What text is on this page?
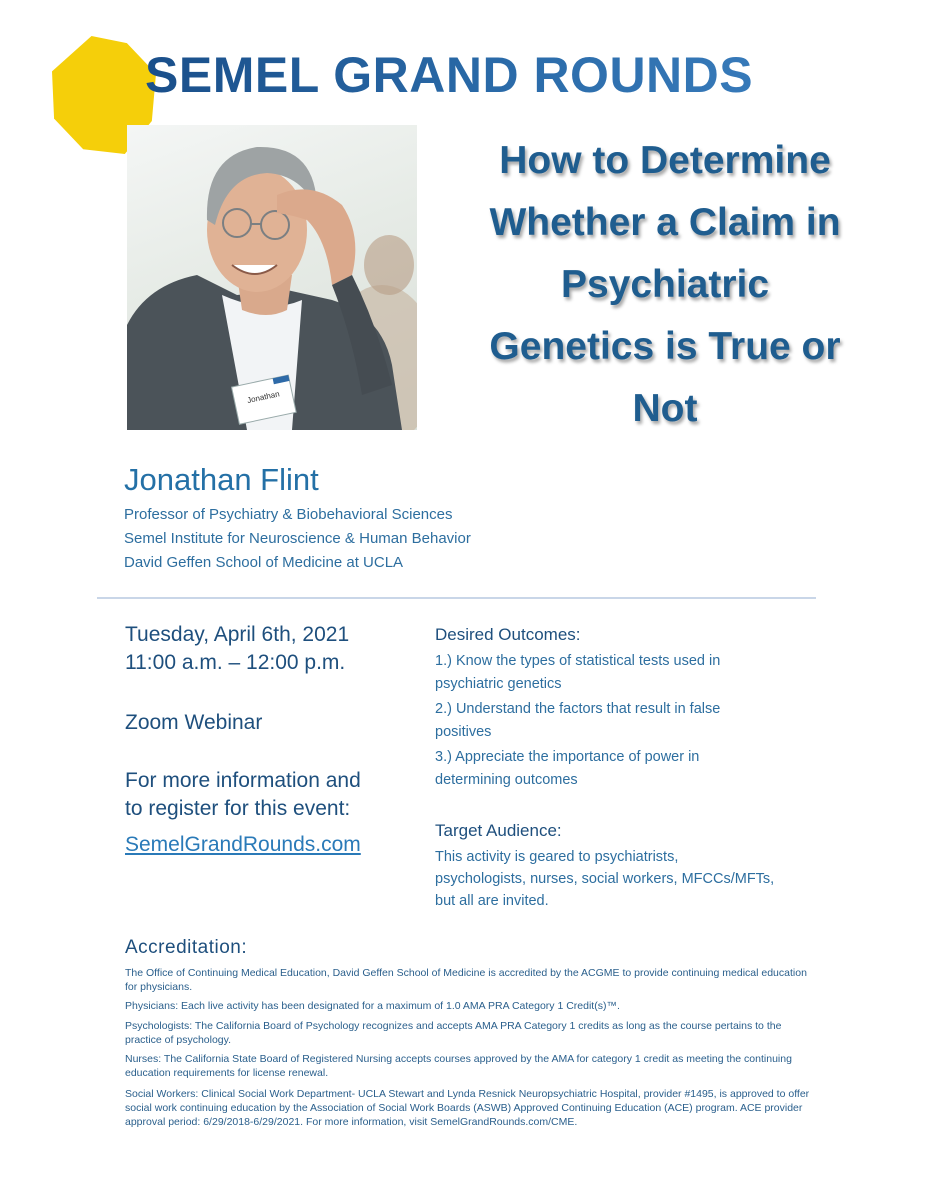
SEMEL GRAND ROUNDS
Jonathan
How to Determine
Whether a Claim in
Psychiatric
Genetics is True or
Not
Jonathan Flint
Professor of Psychiatry & Biobehavioral Sciences
Semel Institute for Neuroscience & Human Behavior
David Geffen School of Medicine at UCLA
Tuesday, April 6th, 2021
11:00 a.m. – 12:00 p.m.
Zoom Webinar
For more information and
to register for this event:
SemelGrandRounds.com
Desired Outcomes:
1.) Know the types of statistical tests used in psychiatric genetics
2.) Understand the factors that result in false positives
3.) Appreciate the importance of power in determining outcomes
Target Audience:
This activity is geared to psychiatrists,
psychologists, nurses, social workers, MFCCs/MFTs,
but all are invited.
Accreditation:
The Office of Continuing Medical Education, David Geffen School of Medicine is accredited by the ACGME to provide continuing medical education for physicians.
Physicians: Each live activity has been designated for a maximum of 1.0 AMA PRA Category 1 Credit(s)™.
Psychologists: The California Board of Psychology recognizes and accepts AMA PRA Category 1 credits as long as the course pertains to the practice of psychology.
Nurses: The California State Board of Registered Nursing accepts courses approved by the AMA for category 1 credit as meeting the continuing education requirements for license renewal.
Social Workers: Clinical Social Work Department- UCLA Stewart and Lynda Resnick Neuropsychiatric Hospital, provider #1495, is approved to offer social work continuing education by the Association of Social Work Boards (ASWB) Approved Continuing Education (ACE) program. ACE provider approval period: 6/29/2018-6/29/2021. For more information, visit SemelGrandRounds.com/CME.
